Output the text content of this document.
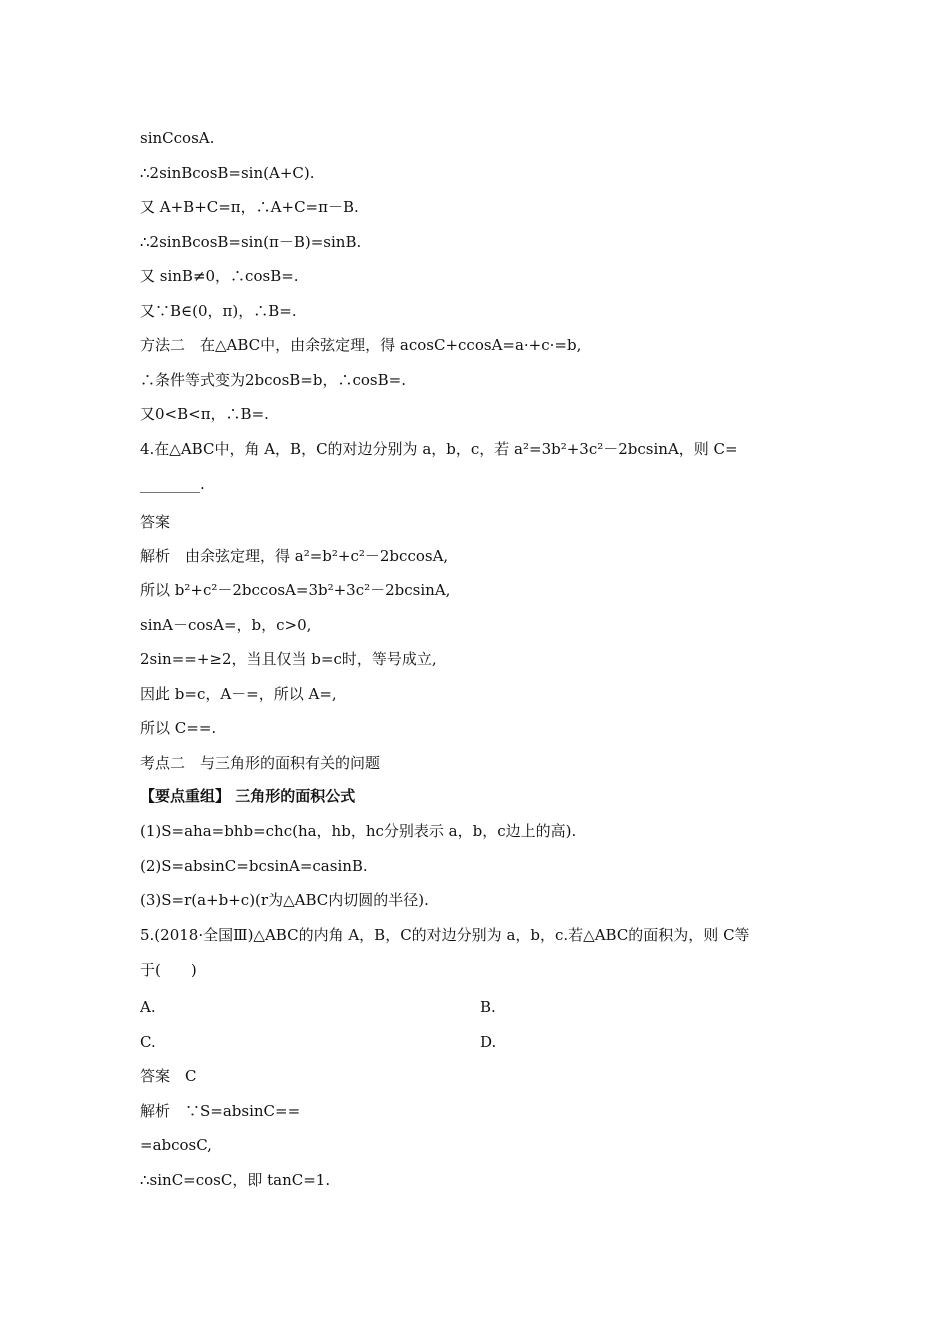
sinCcosA.
∴2sinBcosB=sin(A+C).
又 A+B+C=π，∴A+C=π－B.
∴2sinBcosB=sin(π－B)=sinB.
又 sinB≠0，∴cosB=.
又∵B∈(0，π)，∴B=.
方法二　在△ABC中，由余弦定理，得 acosC+ccosA=a·+c·=b,
∴条件等式变为2bcosB=b，∴cosB=.
又0<B<π，∴B=.
4.在△ABC中，角 A，B，C的对边分别为 a，b，c，若 a²=3b²+3c²－2bcsinA，则 C=
________.
答案
解析　由余弦定理，得 a²=b²+c²－2bccosA,
所以 b²+c²－2bccosA=3b²+3c²－2bcsinA,
sinA－cosA=，b，c>0,
2sin==+≥2，当且仅当 b=c时，等号成立,
因此 b=c，A－=，所以 A=,
所以 C==.
考点二　与三角形的面积有关的问题
【要点重组】 三角形的面积公式
(1)S=aha=bhb=chc(ha，hb，hc分别表示 a，b，c边上的高).
(2)S=absinC=bcsinA=casinB.
(3)S=r(a+b+c)(r为△ABC内切圆的半径).
5.(2018·全国Ⅲ)△ABC的内角 A，B，C的对边分别为 a，b，c.若△ABC的面积为，则 C等
于(　　)
A.	B.
C.	D.
答案　C
解析　∵S=absinC==
=abcosC,
∴sinC=cosC，即 tanC=1.
